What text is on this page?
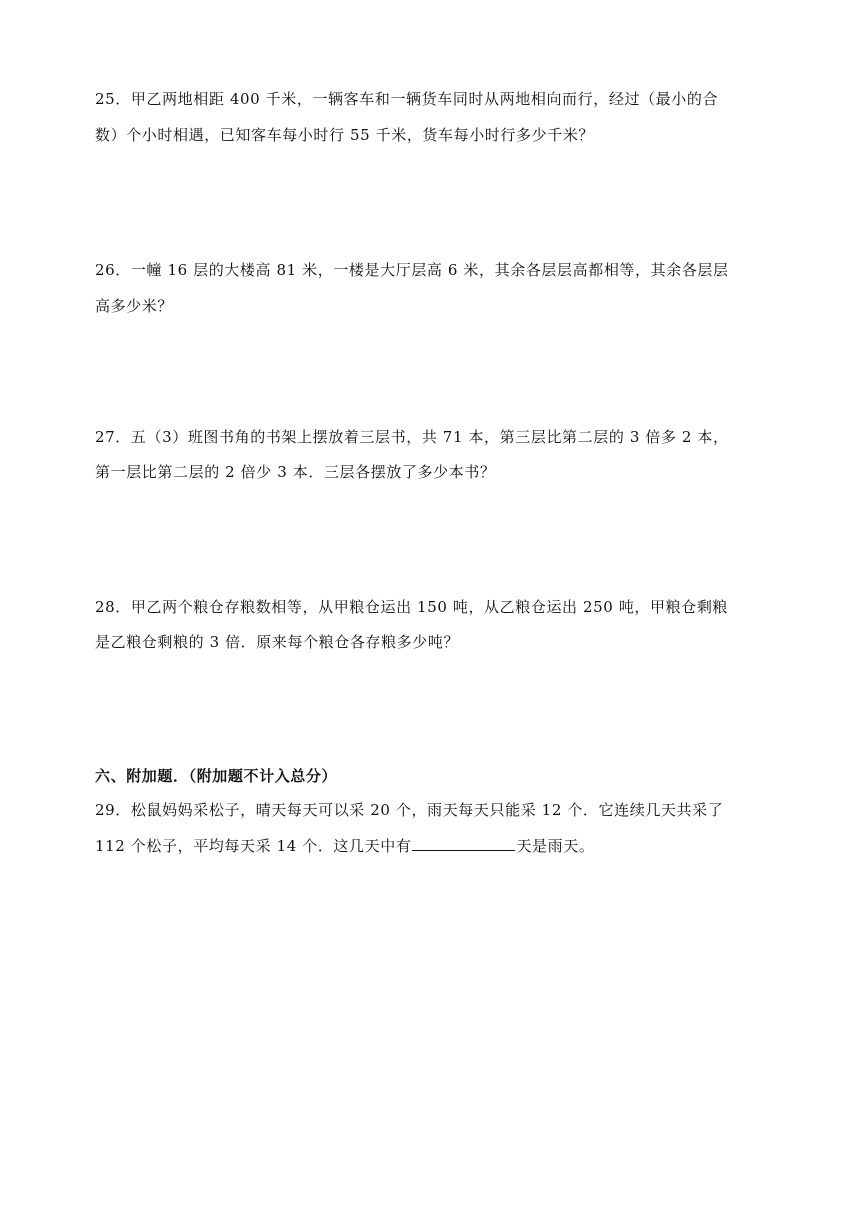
25．甲乙两地相距 400 千米，一辆客车和一辆货车同时从两地相向而行，经过（最小的合
数）个小时相遇，已知客车每小时行 55 千米，货车每小时行多少千米？
26．一幢 16 层的大楼高 81 米，一楼是大厅层高 6 米，其余各层层高都相等，其余各层层
高多少米？
27．五（3）班图书角的书架上摆放着三层书，共 71 本，第三层比第二层的 3 倍多 2 本，
第一层比第二层的 2 倍少 3 本．三层各摆放了多少本书？
28．甲乙两个粮仓存粮数相等，从甲粮仓运出 150 吨，从乙粮仓运出 250 吨，甲粮仓剩粮
是乙粮仓剩粮的 3 倍．原来每个粮仓各存粮多少吨？
六、附加题．（附加题不计入总分）
29．松鼠妈妈采松子，晴天每天可以采 20 个，雨天每天只能采 12 个．它连续几天共采了
112 个松子，平均每天采 14 个．这几天中有	天是雨天。
